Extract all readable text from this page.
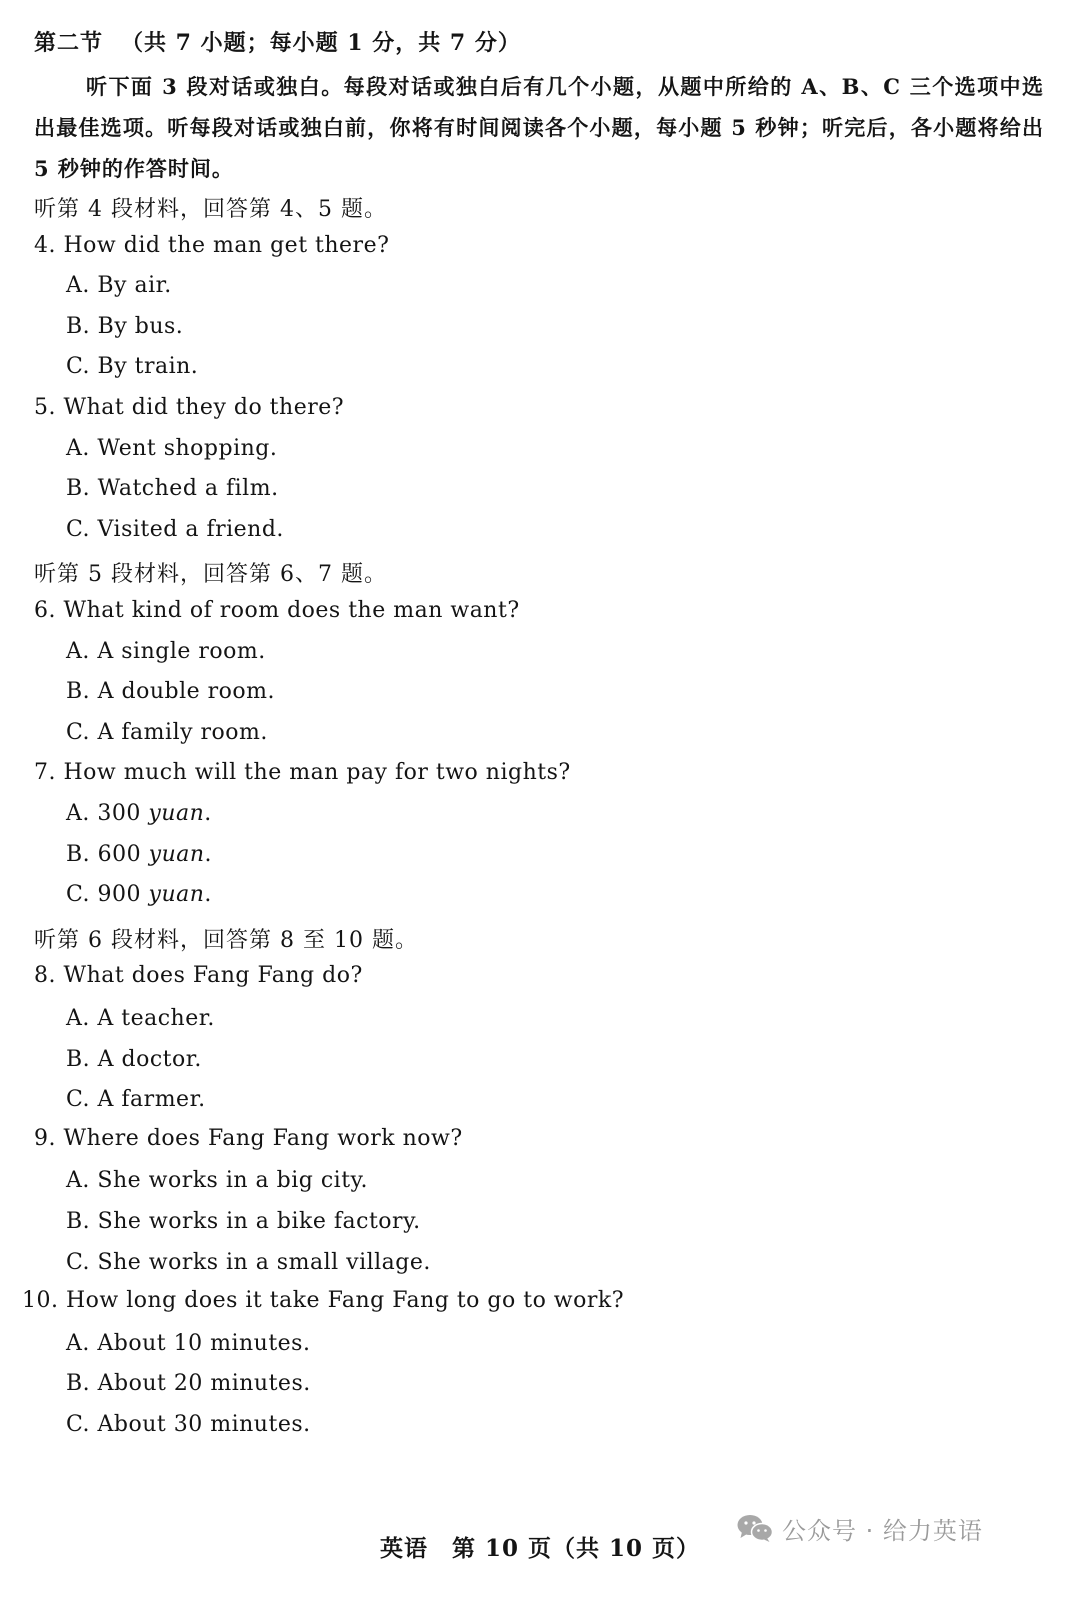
第二节 （共 7 小题；每小题 1 分，共 7 分）
听下面 3 段对话或独白。每段对话或独白后有几个小题，从题中所给的 A、B、C 三个选项中选出最佳选项。听每段对话或独白前，你将有时间阅读各个小题，每小题 5 秒钟；听完后，各小题将给出 5 秒钟的作答时间。
听第 4 段材料，回答第 4、5 题。
4. How did the man get there?
A. By air.
B. By bus.
C. By train.
5. What did they do there?
A. Went shopping.
B. Watched a film.
C. Visited a friend.
听第 5 段材料，回答第 6、7 题。
6. What kind of room does the man want?
A. A single room.
B. A double room.
C. A family room.
7. How much will the man pay for two nights?
A. 300 yuan.
B. 600 yuan.
C. 900 yuan.
听第 6 段材料，回答第 8 至 10 题。
8. What does Fang Fang do?
A. A teacher.
B. A doctor.
C. A farmer.
9. Where does Fang Fang work now?
A. She works in a big city.
B. She works in a bike factory.
C. She works in a small village.
10. How long does it take Fang Fang to go to work?
A. About 10 minutes.
B. About 20 minutes.
C. About 30 minutes.
英语 第 10 页（共 10 页）
公众号 · 给力英语
